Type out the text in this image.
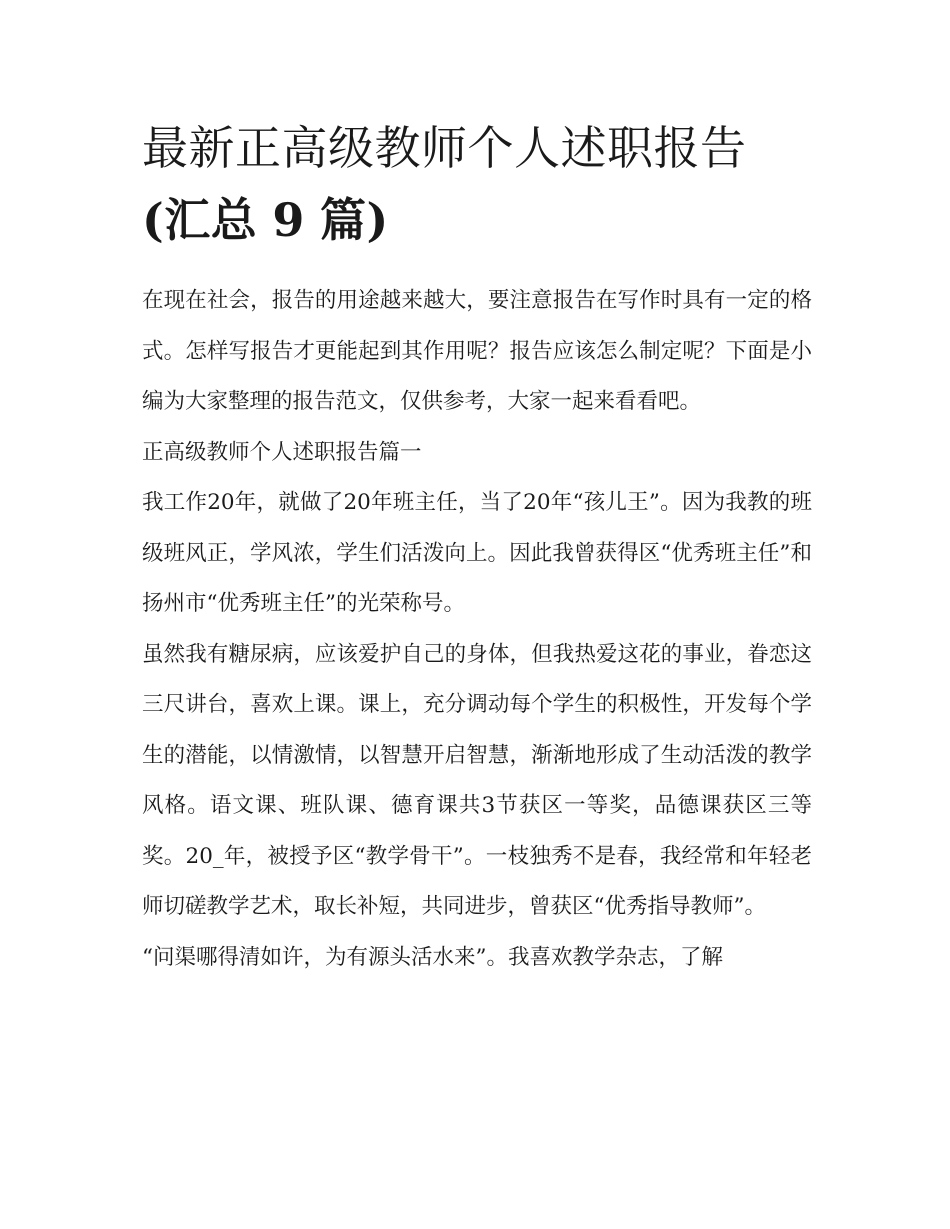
最新正高级教师个人述职报告
(汇总 9 篇)

在现在社会，报告的用途越来越大，要注意报告在写作时具有一定的格式。怎样写报告才更能起到其作用呢？报告应该怎么制定呢？下面是小编为大家整理的报告范文，仅供参考，大家一起来看看吧。

正高级教师个人述职报告篇一

我工作20年，就做了20年班主任，当了20年“孩儿王”。因为我教的班级班风正，学风浓，学生们活泼向上。因此我曾获得区“优秀班主任”和扬州市“优秀班主任”的光荣称号。

虽然我有糖尿病，应该爱护自己的身体，但我热爱这花的事业，眷恋这三尺讲台，喜欢上课。课上，充分调动每个学生的积极性，开发每个学生的潜能，以情激情，以智慧开启智慧，渐渐地形成了生动活泼的教学风格。语文课、班队课、德育课共3节获区一等奖，品德课获区三等奖。20_年，被授予区“教学骨干”。一枝独秀不是春，我经常和年轻老师切磋教学艺术，取长补短，共同进步，曾获区“优秀指导教师”。

“问渠哪得清如许，为有源头活水来”。我喜欢教学杂志，了解
